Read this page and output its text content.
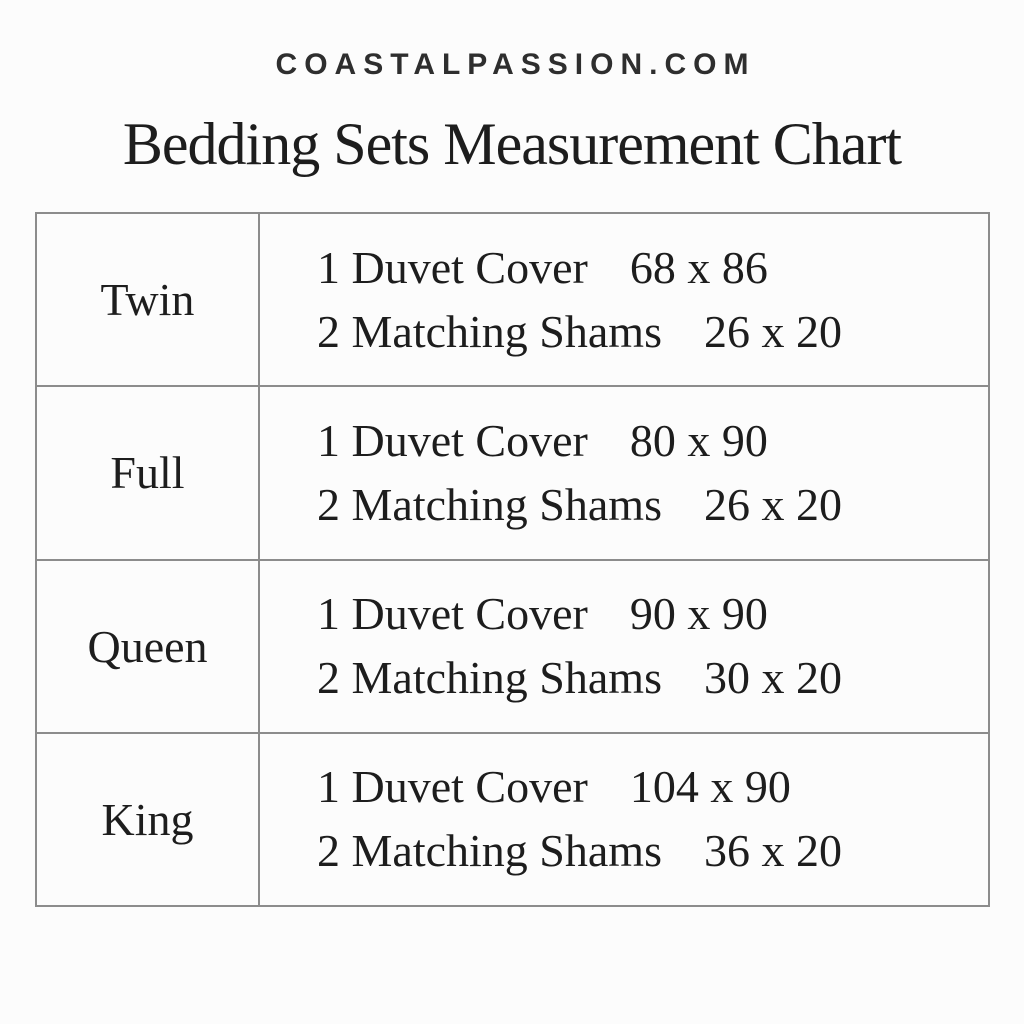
COASTALPASSION.COM
Bedding Sets Measurement Chart
Twin
1 Duvet Cover 68 x 86
2 Matching Shams 26 x 20
Full
1 Duvet Cover 80 x 90
2 Matching Shams 26 x 20
Queen
1 Duvet Cover 90 x 90
2 Matching Shams 30 x 20
King
1 Duvet Cover 104 x 90
2 Matching Shams 36 x 20
